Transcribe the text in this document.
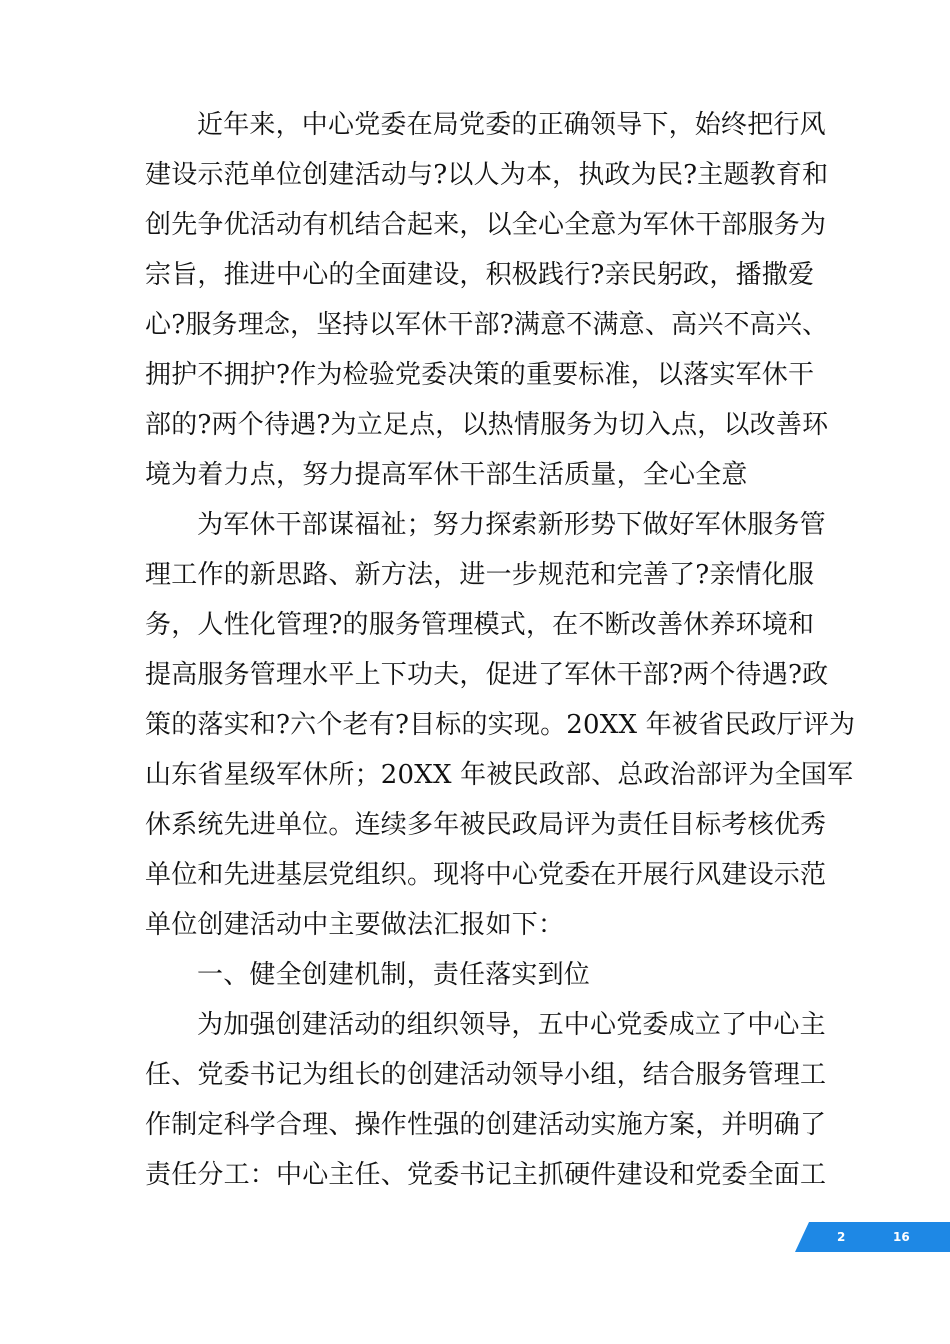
近年来，中心党委在局党委的正确领导下，始终把行风
建设示范单位创建活动与?以人为本，执政为民?主题教育和
创先争优活动有机结合起来，以全心全意为军休干部服务为
宗旨，推进中心的全面建设，积极践行?亲民躬政，播撒爱
心?服务理念，坚持以军休干部?满意不满意、高兴不高兴、
拥护不拥护?作为检验党委决策的重要标准，以落实军休干
部的?两个待遇?为立足点，以热情服务为切入点，以改善环
境为着力点，努力提高军休干部生活质量，全心全意
为军休干部谋福祉；努力探索新形势下做好军休服务管
理工作的新思路、新方法，进一步规范和完善了?亲情化服
务，人性化管理?的服务管理模式，在不断改善休养环境和
提高服务管理水平上下功夫，促进了军休干部?两个待遇?政
策的落实和?六个老有?目标的实现。20XX 年被省民政厅评为
山东省星级军休所；20XX 年被民政部、总政治部评为全国军
休系统先进单位。连续多年被民政局评为责任目标考核优秀
单位和先进基层党组织。现将中心党委在开展行风建设示范
单位创建活动中主要做法汇报如下：
一、健全创建机制，责任落实到位
为加强创建活动的组织领导，五中心党委成立了中心主
任、党委书记为组长的创建活动领导小组，结合服务管理工
作制定科学合理、操作性强的创建活动实施方案，并明确了
责任分工：中心主任、党委书记主抓硬件建设和党委全面工
2	16
